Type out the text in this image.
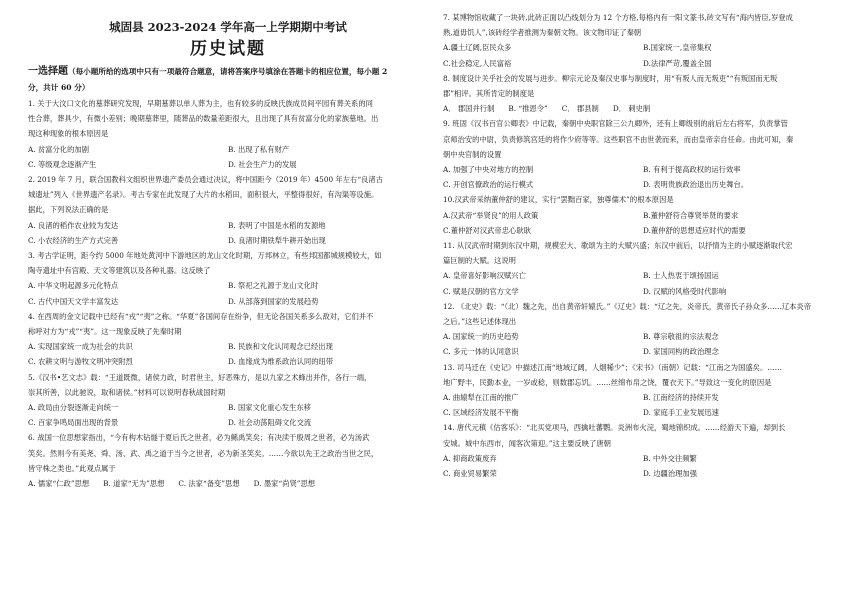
城固县 2023-2024 学年高一上学期期中考试
历史试题
一选择题（每小题所给的选项中只有一项最符合题意，请将答案序号填涂在答题卡的相应位置，每小题 2
分，共计 60 分）
1. 关于大汶口文化的墓葬研究发现，早期墓葬以单人葬为主，也有较多的反映氏族成员间平园有葬关系的同
性合葬，葬具少，有微小差别；晚期墓葬里，随葬品的数量差距很大，且出现了具有贫富分化的家族墓地。出
现这种现象的根本原因是
A. 贫富分化的加剧	B. 出现了私有财产
C. 等级观念逐渐产生	D. 社会生产力的发展
2. 2019 年 7 月，联合国教科文组织世界遗产委员会通过决议，将中国距今（2019 年）4500 年左右“良渚古
城遗址”列入《世界遗产名录》。考古专家在此发现了大片的水稻田，面积很大，平整得很好，有沟渠等设施。
据此，下列说法正确的是
A. 良渚的稻作农业较为发达	B. 表明了中国是水稻的发源地
C. 小农经济的生产方式完善	D. 良渚时期铁犁牛耕开始出现
3. 考古学证明，距今约 5000 年地处黄河中下游地区的龙山文化时期，万邦林立，有些邦国都城规模较大，如
陶寺遗址中有宫殿、天文等建筑以及各种礼器。这反映了
A. 中华文明起源多元化特点	B. 祭祀之礼源于龙山文化时
C. 古代中国天文学丰富发达	D. 从部落到国家的发展趋势
4. 在西周的金文记载中已经有“戎”“夷”之称。“华夏”各国间存在纷争，但无论各国关系多么敌对，它们并不
称呼对方为“戎”“夷”。这一现象反映了先秦时期
A. 实现国家统一成为社会的共识	B. 民族和文化认同观念已经出现
C. 农耕文明与游牧文明冲突附烈	D. 血缘成为维系政治认同的纽带
5.《汉书•艺文志》载：“王道既微，诸侯力政，时君世主，好恶殊方，是以九家之术蜂出并作，各行一端，
崇其所善，以此驰说，取和诸侯。”材料可以说明春秋战国时期
A. 政局由分裂逐渐走向统一	B. 国家文化重心发生东移
C. 百家争鸣局面出现的背景	D. 社会动荡阻碍文化交流
6. 战国一位思想家指出，“今有构木钻燧于夏后氏之世者，必为鲧禹笑矣；有决渎于殷周之世者，必为汤武
笑矣。然则今有美尧、舜、汤、武、禹之道于当今之世者，必为新圣笑矣。……今欲以先王之政治当世之民，
皆守株之类也。”此观点属于
A. 儒家“仁政”思想 B. 道家“无为”思想 C. 法家“备变”思想 D. 墨家“尚贤”思想
7. 某博物馆收藏了一块砖,此砖正面以凸线划分为 12 个方格,每格内有一阳文篆书,砖文写有“海内皆臣,岁登成
熟,道毋饥人”,该砖经学者推测为秦朝文物。该文物印证了秦朝
A.疆土辽阔,臣民众多	B.国家统一,皇帝集权
C.社会稳定,人民富裕	D.法律严苛,覆盖全国
8. 制度设计关乎社会的发展与进步。柳宗元论及秦汉史事与制度时，用“有叛人而无叛吏”“有叛国而无叛
郡”相评。其所肯定的制度是
A． 郡国并行制 B. “推恩令” C． 郡县制 D． 刺史制
9. 班固《汉书百官公卿表》中记载，秦朝中央职官除三公九卿外，还有上卿级别的前后左右将军，负责掌管
京师治安的中尉，负责修筑宫廷的将作少府等等。这些职官不由世袭而来，而由皇帝亲自任命。由此可知，秦
朝中央官制的设置
A. 加强了中央对地方的控制	B. 有利于提高政权的运行效率
C. 开创官僚政治的运行模式	D. 表明贵族政治退出历史舞台。
10.汉武帝采纳董仲舒的建议，实行“罢黜百家，独尊儒术”的根本原因是
A.汉武帝“举贤良”的用人政策	B.董仲舒符合尊贤举贤的要求
C.董仲舒对汉武帝忠心耿耿	D.董仲舒的思想适应时代的需要
11. 从汉武帝时期到东汉中期，规模宏大、歌颂为主的大赋兴盛；东汉中前后，以抒情为主的小赋逐渐取代宏
篇巨制的大赋。这说明
A. 皇帝喜好影响汉赋兴亡	B. 士人热衷于颂扬国运
C. 赋是汉朝的官方文学	D. 汉赋的风格受时代影响
12. 《北史》载：“（北）魏之先，出自黄帝轩辕氏。”《辽史》载：“辽之先，炎帝氏，黄帝氏子孙众多……辽本炎帝
之后。”这些记述体现出
A. 国家统一的历史趋势	B. 尊宗敬祖的宗法观念
C. 多元一体的认同意识	D. 家国同构的政治理念
13. 司马迁在《史记》中描述江南“地域辽阔，人烟稀少”；《宋书》（南朝）记载：“江南之为国盛矣。……
地广野丰，民勤本业，一岁或稔，则数郡忘饥。……丝绵布帛之饶，覆衣天下。”导致这一变化的原因是
A. 曲辕犁在江南的推广	B. 江南经济的持续开发
C. 区域经济发展不平衡	D. 家庭手工业发展迅速
14. 唐代元稹《估客乐》：“北买党项马，西擒吐蕃鹦。炎洲布火浣，蜀地锦织成。……经游天下遍，却到长
安城。城中东西市，闻客次第迎。”这主要反映了唐朝
A. 抑商政策废弃	B. 中外交往频繁
C. 商业贸易繁荣	D. 边疆治理加强
